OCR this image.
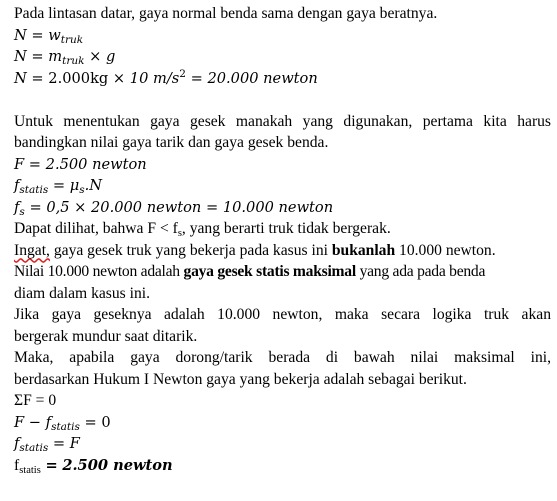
Pada lintasan datar, gaya normal benda sama dengan gaya beratnya.
$N = w_{truk}$
$N = m_{truk} \times g$
N = 2.000kg × 10 $m/s^2 = 20.000$ newton
Untuk menentukan gaya gesek manakah yang digunakan, pertama kita harus
bandingkan nilai gaya tarik dan gaya gesek benda.
F = 2.500 newton
$f_{statis} = \mu_s.N$
$f_s = 0,5 \times 20.000$ newton = 10.000 newton
Dapat dilihat, bahwa F < fs, yang berarti truk tidak bergerak.
Ingat, gaya gesek truk yang bekerja pada kasus ini bukanlah 10.000 newton.
Nilai 10.000 newton adalah gaya gesek statis maksimal yang ada pada benda
diam dalam kasus ini.
Jika gaya geseknya adalah 10.000 newton, maka secara logika truk akan
bergerak mundur saat ditarik.
Maka, apabila gaya dorong/tarik berada di bawah nilai maksimal ini,
berdasarkan Hukum I Newton gaya yang bekerja adalah sebagai berikut.
ΣF = 0
$F - f_{statis} = 0$
$f_{statis} = F$
$f_{statis} = 2.500$ newton
